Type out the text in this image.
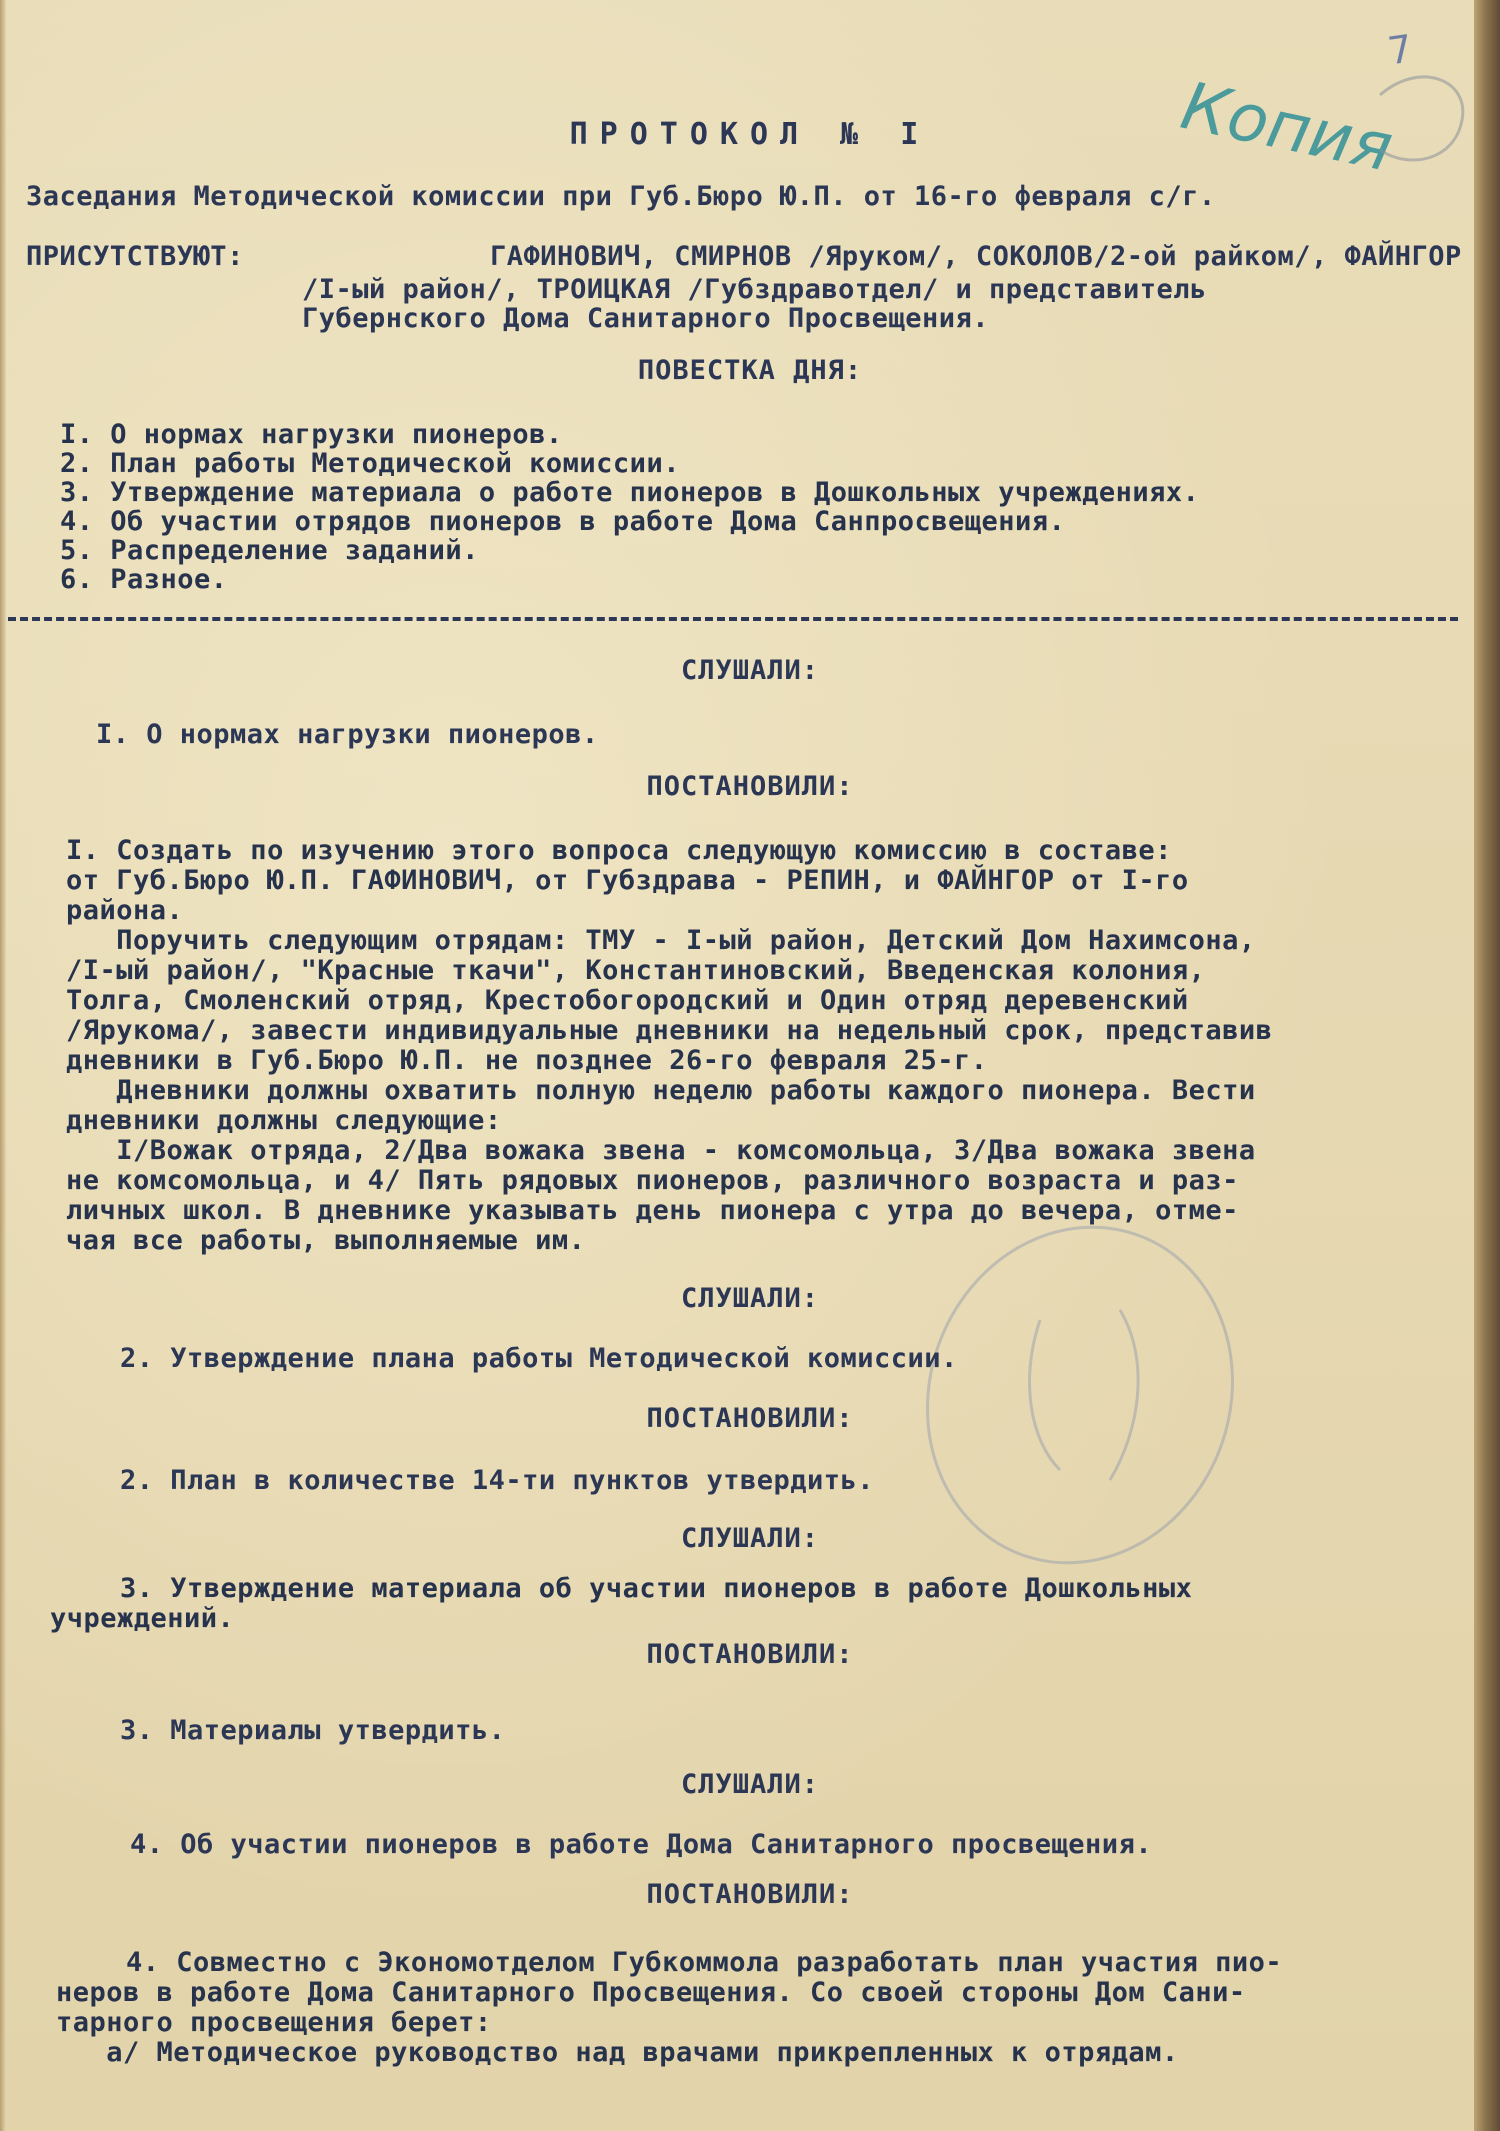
7
Копия
ПРОТОКОЛ № I
Заседания Методической комиссии при Губ.Бюро Ю.П. от 16-го февраля с/г.
ПРИСУТСТВУЮТ:	ГАФИНОВИЧ, СМИРНОВ /Яруком/, СОКОЛОВ/2-ой райком/, ФАЙНГОР
/I-ый район/, ТРОИЦКАЯ /Губздравотдел/ и представитель
Губернского Дома Санитарного Просвещения.
ПОВЕСТКА ДНЯ:
I. О нормах нагрузки пионеров.
2. План работы Методической комиссии.
3. Утверждение материала о работе пионеров в Дошкольных учреждениях.
4. Об участии отрядов пионеров в работе Дома Санпросвещения.
5. Распределение заданий.
6. Разное.
СЛУШАЛИ:
I. О нормах нагрузки пионеров.
ПОСТАНОВИЛИ:
I. Создать по изучению этого вопроса следующую комиссию в составе:
от Губ.Бюро Ю.П. ГАФИНОВИЧ, от Губздрава - РЕПИН, и ФАЙНГОР от I-го
района.
Поручить следующим отрядам: ТМУ - I-ый район, Детский Дом Нахимсона,
/I-ый район/, "Красные ткачи", Константиновский, Введенская колония,
Толга, Смоленский отряд, Крестобогородский и Один отряд деревенский
/Ярукома/, завести индивидуальные дневники на недельный срок, представив
дневники в Губ.Бюро Ю.П. не позднее 26-го февраля 25-г.
Дневники должны охватить полную неделю работы каждого пионера. Вести
дневники должны следующие:
I/Вожак отряда, 2/Два вожака звена - комсомольца, 3/Два вожака звена
не комсомольца, и 4/ Пять рядовых пионеров, различного возраста и раз-
личных школ. В дневнике указывать день пионера с утра до вечера, отме-
чая все работы, выполняемые им.
СЛУШАЛИ:
2. Утверждение плана работы Методической комиссии.
ПОСТАНОВИЛИ:
2. План в количестве 14-ти пунктов утвердить.
СЛУШАЛИ:
3. Утверждение материала об участии пионеров в работе Дошкольных
учреждений.
ПОСТАНОВИЛИ:
3. Материалы утвердить.
СЛУШАЛИ:
4. Об участии пионеров в работе Дома Санитарного просвещения.
ПОСТАНОВИЛИ:
4. Совместно с Экономотделом Губкоммола разработать план участия пио-
неров в работе Дома Санитарного Просвещения. Со своей стороны Дом Сани-
тарного просвещения берет:
а/ Методическое руководство над врачами прикрепленных к отрядам.
